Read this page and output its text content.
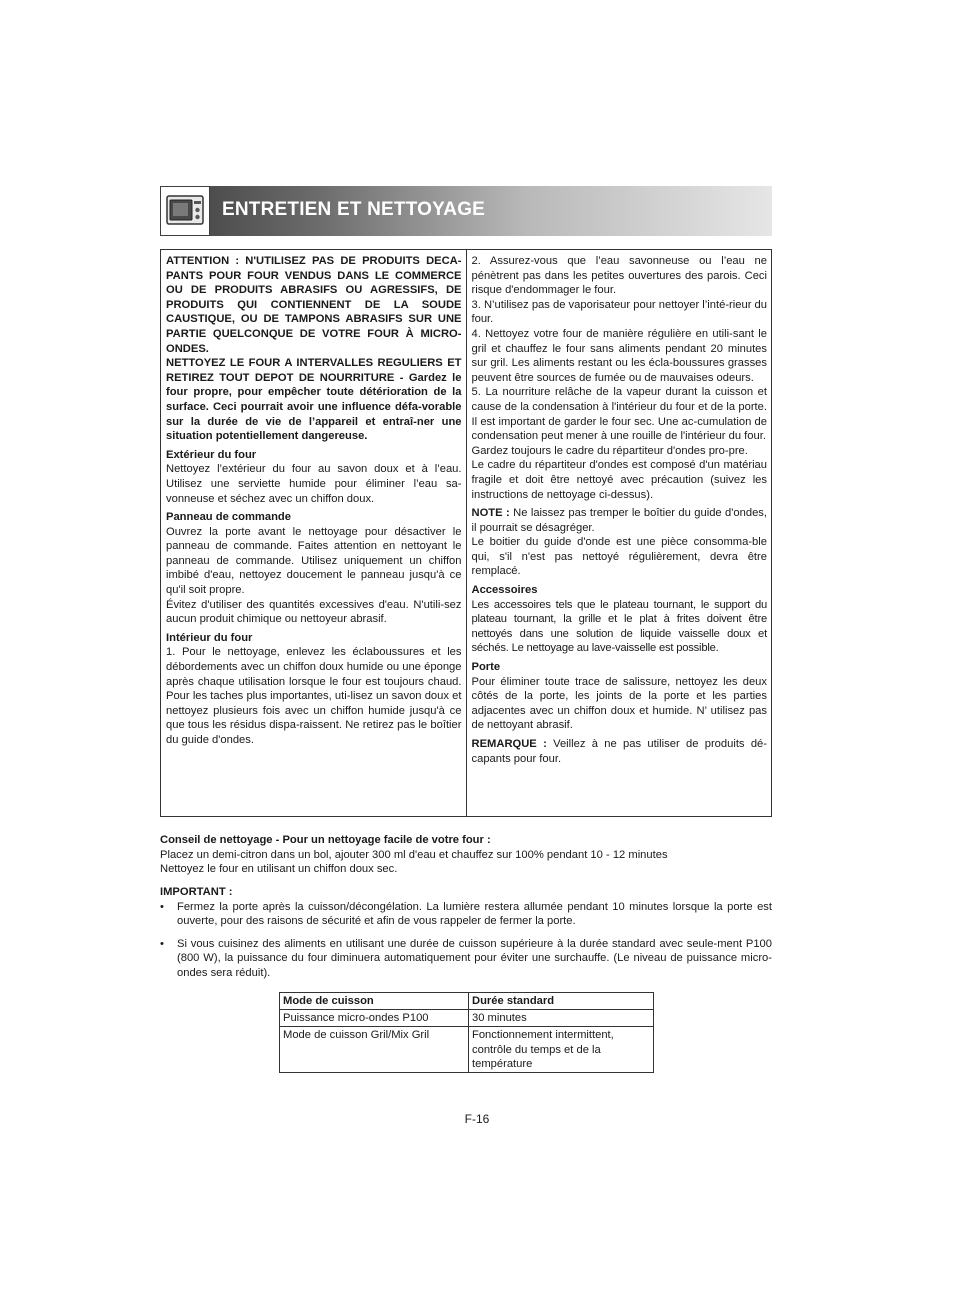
ENTRETIEN ET NETTOYAGE

ATTENTION : N'UTILISEZ PAS DE PRODUITS DECA-PANTS POUR FOUR VENDUS DANS LE COMMERCE OU DE PRODUITS ABRASIFS OU AGRESSIFS, DE PRODUITS QUI CONTIENNENT DE LA SOUDE CAUSTIQUE, OU DE TAMPONS ABRASIFS SUR UNE PARTIE QUELCONQUE DE VOTRE FOUR À MICRO-ONDES.

NETTOYEZ LE FOUR A INTERVALLES REGULIERS ET RETIREZ TOUT DEPOT DE NOURRITURE - Gardez le four propre, pour empêcher toute détérioration de la surface. Ceci pourrait avoir une influence défa-vorable sur la durée de vie de l’appareil et entraî-ner une situation potentiellement dangereuse.

Extérieur du four

Nettoyez l’extérieur du four au savon doux et à l’eau. Utilisez une serviette humide pour éliminer l’eau sa-vonneuse et séchez avec un chiffon doux.

Panneau de commande

Ouvrez la porte avant le nettoyage pour désactiver le panneau de commande. Faites attention en nettoyant le panneau de commande. Utilisez uniquement un chiffon imbibé d'eau, nettoyez doucement le panneau jusqu'à ce qu'il soit propre.

Évitez d'utiliser des quantités excessives d'eau. N'utili-sez aucun produit chimique ou nettoyeur abrasif.

Intérieur du four

1. Pour le nettoyage, enlevez les éclaboussures et les débordements avec un chiffon doux humide ou une éponge après chaque utilisation lorsque le four est toujours chaud. Pour les taches plus importantes, uti-lisez un savon doux et nettoyez plusieurs fois avec un chiffon humide jusqu'à ce que tous les résidus dispa-raissent. Ne retirez pas le boîtier du guide d'ondes.

2. Assurez-vous que l’eau savonneuse ou l’eau ne pénètrent pas dans les petites ouvertures des parois. Ceci risque d'endommager le four.

3. N’utilisez pas de vaporisateur pour nettoyer l’inté-rieur du four.

4. Nettoyez votre four de manière régulière en utili-sant le gril et chauffez le four sans aliments pendant 20 minutes sur gril. Les aliments restant ou les écla-boussures grasses peuvent être sources de fumée ou de mauvaises odeurs.

5. La nourriture relâche de la vapeur durant la cuisson et cause de la condensation à l'intérieur du four et de la porte. Il est important de garder le four sec. Une ac-cumulation de condensation peut mener à une rouille de l'intérieur du four.

Gardez toujours le cadre du répartiteur d'ondes pro-pre.

Le cadre du répartiteur d'ondes est composé d'un matériau fragile et doit être nettoyé avec précaution (suivez les instructions de nettoyage ci-dessus).

NOTE : Ne laissez pas tremper le boîtier du guide d'ondes, il pourrait se désagréger.

Le boitier du guide d'onde est une pièce consomma-ble qui, s'il n'est pas nettoyé régulièrement, devra être remplacé.

Accessoires

Les accessoires tels que le plateau tournant, le support du plateau tournant, la grille et le plat à frites doivent être nettoyés dans une solution de liquide vaisselle doux et séchés. Le nettoyage au lave-vaisselle est possible.

Porte

Pour éliminer toute trace de salissure, nettoyez les deux côtés de la porte, les joints de la porte et les parties adjacentes avec un chiffon doux et humide. N’ utilisez pas de nettoyant abrasif.

REMARQUE : Veillez à ne pas utiliser de produits dé-capants pour four.

Conseil de nettoyage - Pour un nettoyage facile de votre four :

Placez un demi-citron dans un bol, ajouter 300 ml d'eau et chauffez sur 100% pendant 10 - 12 minutes

Nettoyez le four en utilisant un chiffon doux sec.

IMPORTANT :

• Fermez la porte après la cuisson/décongélation. La lumière restera allumée pendant 10 minutes lorsque la porte est ouverte, pour des raisons de sécurité et afin de vous rappeler de fermer la porte.
• Si vous cuisinez des aliments en utilisant une durée de cuisson supérieure à la durée standard avec seule-ment P100 (800 W), la puissance du four diminuera automatiquement pour éviter une surchauffe. (Le niveau de puissance micro-ondes sera réduit).
Mode de cuisson	Durée standard
Puissance micro-ondes P100	30 minutes
Mode de cuisson Gril/Mix Gril	Fonctionnement intermittent, contrôle du temps et de la température
F-16
